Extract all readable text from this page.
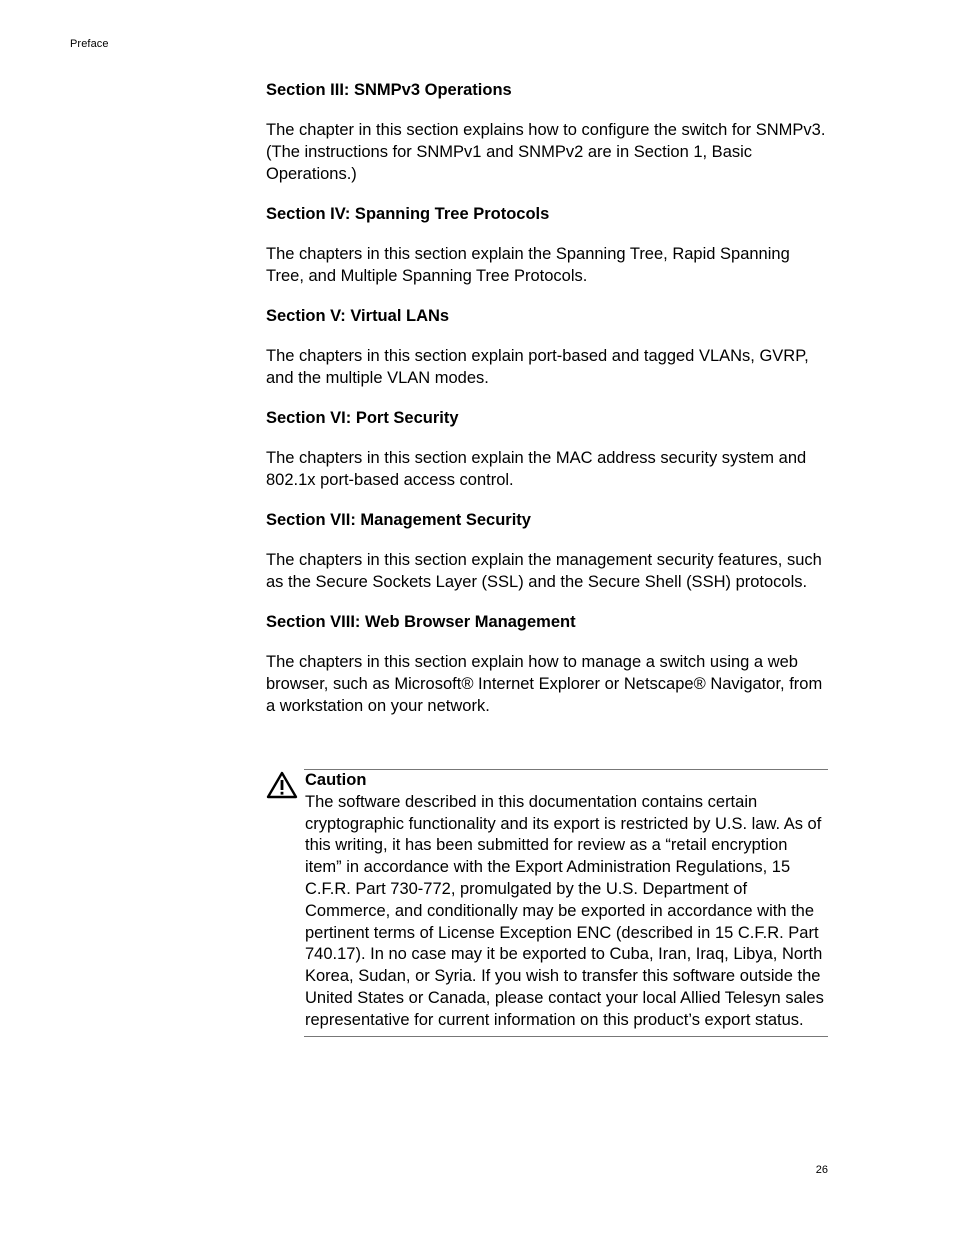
Preface
Section III: SNMPv3 Operations

The chapter in this section explains how to configure the switch for SNMPv3. (The instructions for SNMPv1 and SNMPv2 are in Section 1, Basic Operations.)

Section IV: Spanning Tree Protocols

The chapters in this section explain the Spanning Tree, Rapid Spanning Tree, and Multiple Spanning Tree Protocols.

Section V: Virtual LANs

The chapters in this section explain port-based and tagged VLANs, GVRP, and the multiple VLAN modes.

Section VI: Port Security

The chapters in this section explain the MAC address security system and 802.1x port-based access control.

Section VII: Management Security

The chapters in this section explain the management security features, such as the Secure Sockets Layer (SSL) and the Secure Shell (SSH) protocols.

Section VIII: Web Browser Management

The chapters in this section explain how to manage a switch using a web browser, such as Microsoft® Internet Explorer or Netscape® Navigator, from a workstation on your network.

Caution

The software described in this documentation contains certain cryptographic functionality and its export is restricted by U.S. law. As of this writing, it has been submitted for review as a “retail encryption item” in accordance with the Export Administration Regulations, 15 C.F.R. Part 730-772, promulgated by the U.S. Department of Commerce, and conditionally may be exported in accordance with the pertinent terms of License Exception ENC (described in 15 C.F.R. Part 740.17). In no case may it be exported to Cuba, Iran, Iraq, Libya, North Korea, Sudan, or Syria. If you wish to transfer this software outside the United States or Canada, please contact your local Allied Telesyn sales representative for current information on this product’s export status.

26
